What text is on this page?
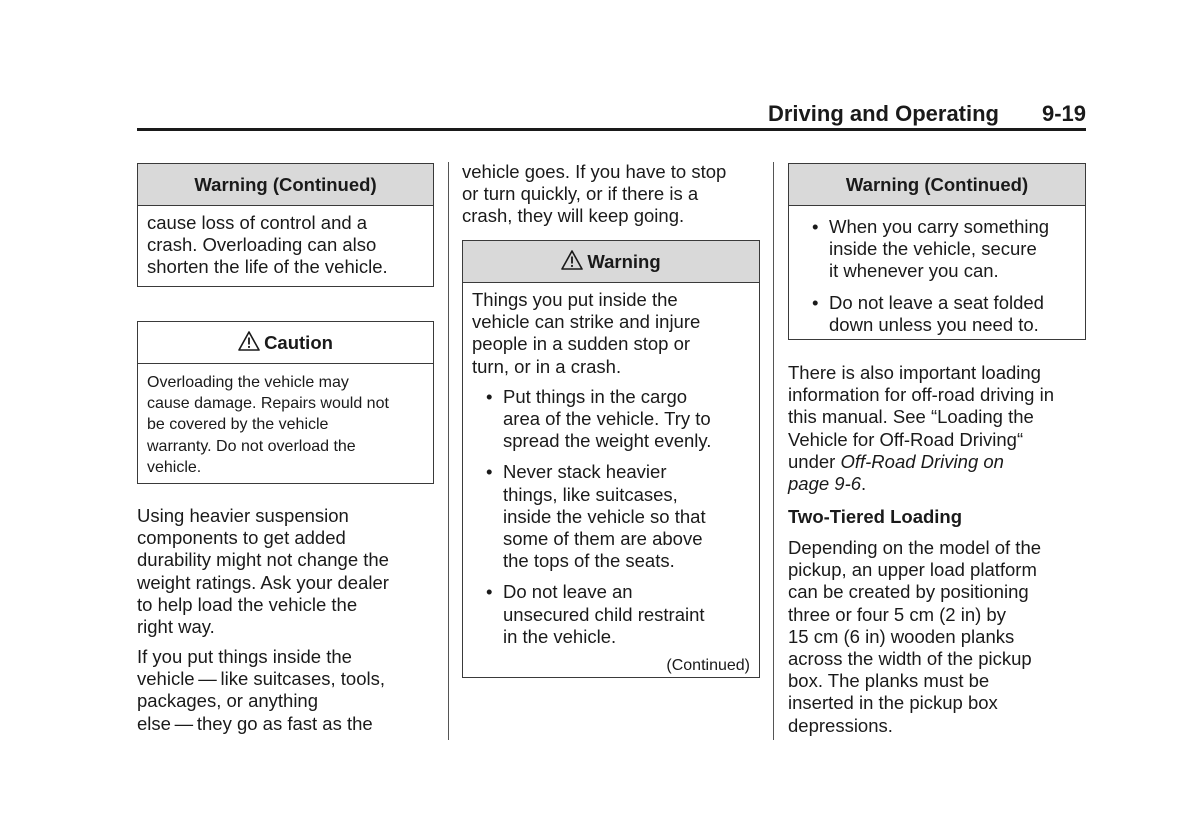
Driving and Operating 9-19
Warning (Continued)
cause loss of control and a
crash. Overloading can also
shorten the life of the vehicle.
Caution
Overloading the vehicle may
cause damage. Repairs would not
be covered by the vehicle
warranty. Do not overload the
vehicle.
Using heavier suspension
components to get added
durability might not change the
weight ratings. Ask your dealer
to help load the vehicle the
right way.
If you put things inside the
vehicle — like suitcases, tools,
packages, or anything
else — they go as fast as the
vehicle goes. If you have to stop
or turn quickly, or if there is a
crash, they will keep going.
Warning
Things you put inside the
vehicle can strike and injure
people in a sudden stop or
turn, or in a crash.
• Put things in the cargo
area of the vehicle. Try to
spread the weight evenly.
• Never stack heavier
things, like suitcases,
inside the vehicle so that
some of them are above
the tops of the seats.
• Do not leave an
unsecured child restraint
in the vehicle.
(Continued)
Warning (Continued)
• When you carry something
inside the vehicle, secure
it whenever you can.
• Do not leave a seat folded
down unless you need to.
There is also important loading
information for off-road driving in
this manual. See “Loading the
Vehicle for Off-Road Driving“
under Off-Road Driving on
page 9-6.
Two-Tiered Loading
Depending on the model of the
pickup, an upper load platform
can be created by positioning
three or four 5 cm (2 in) by
15 cm (6 in) wooden planks
across the width of the pickup
box. The planks must be
inserted in the pickup box
depressions.
